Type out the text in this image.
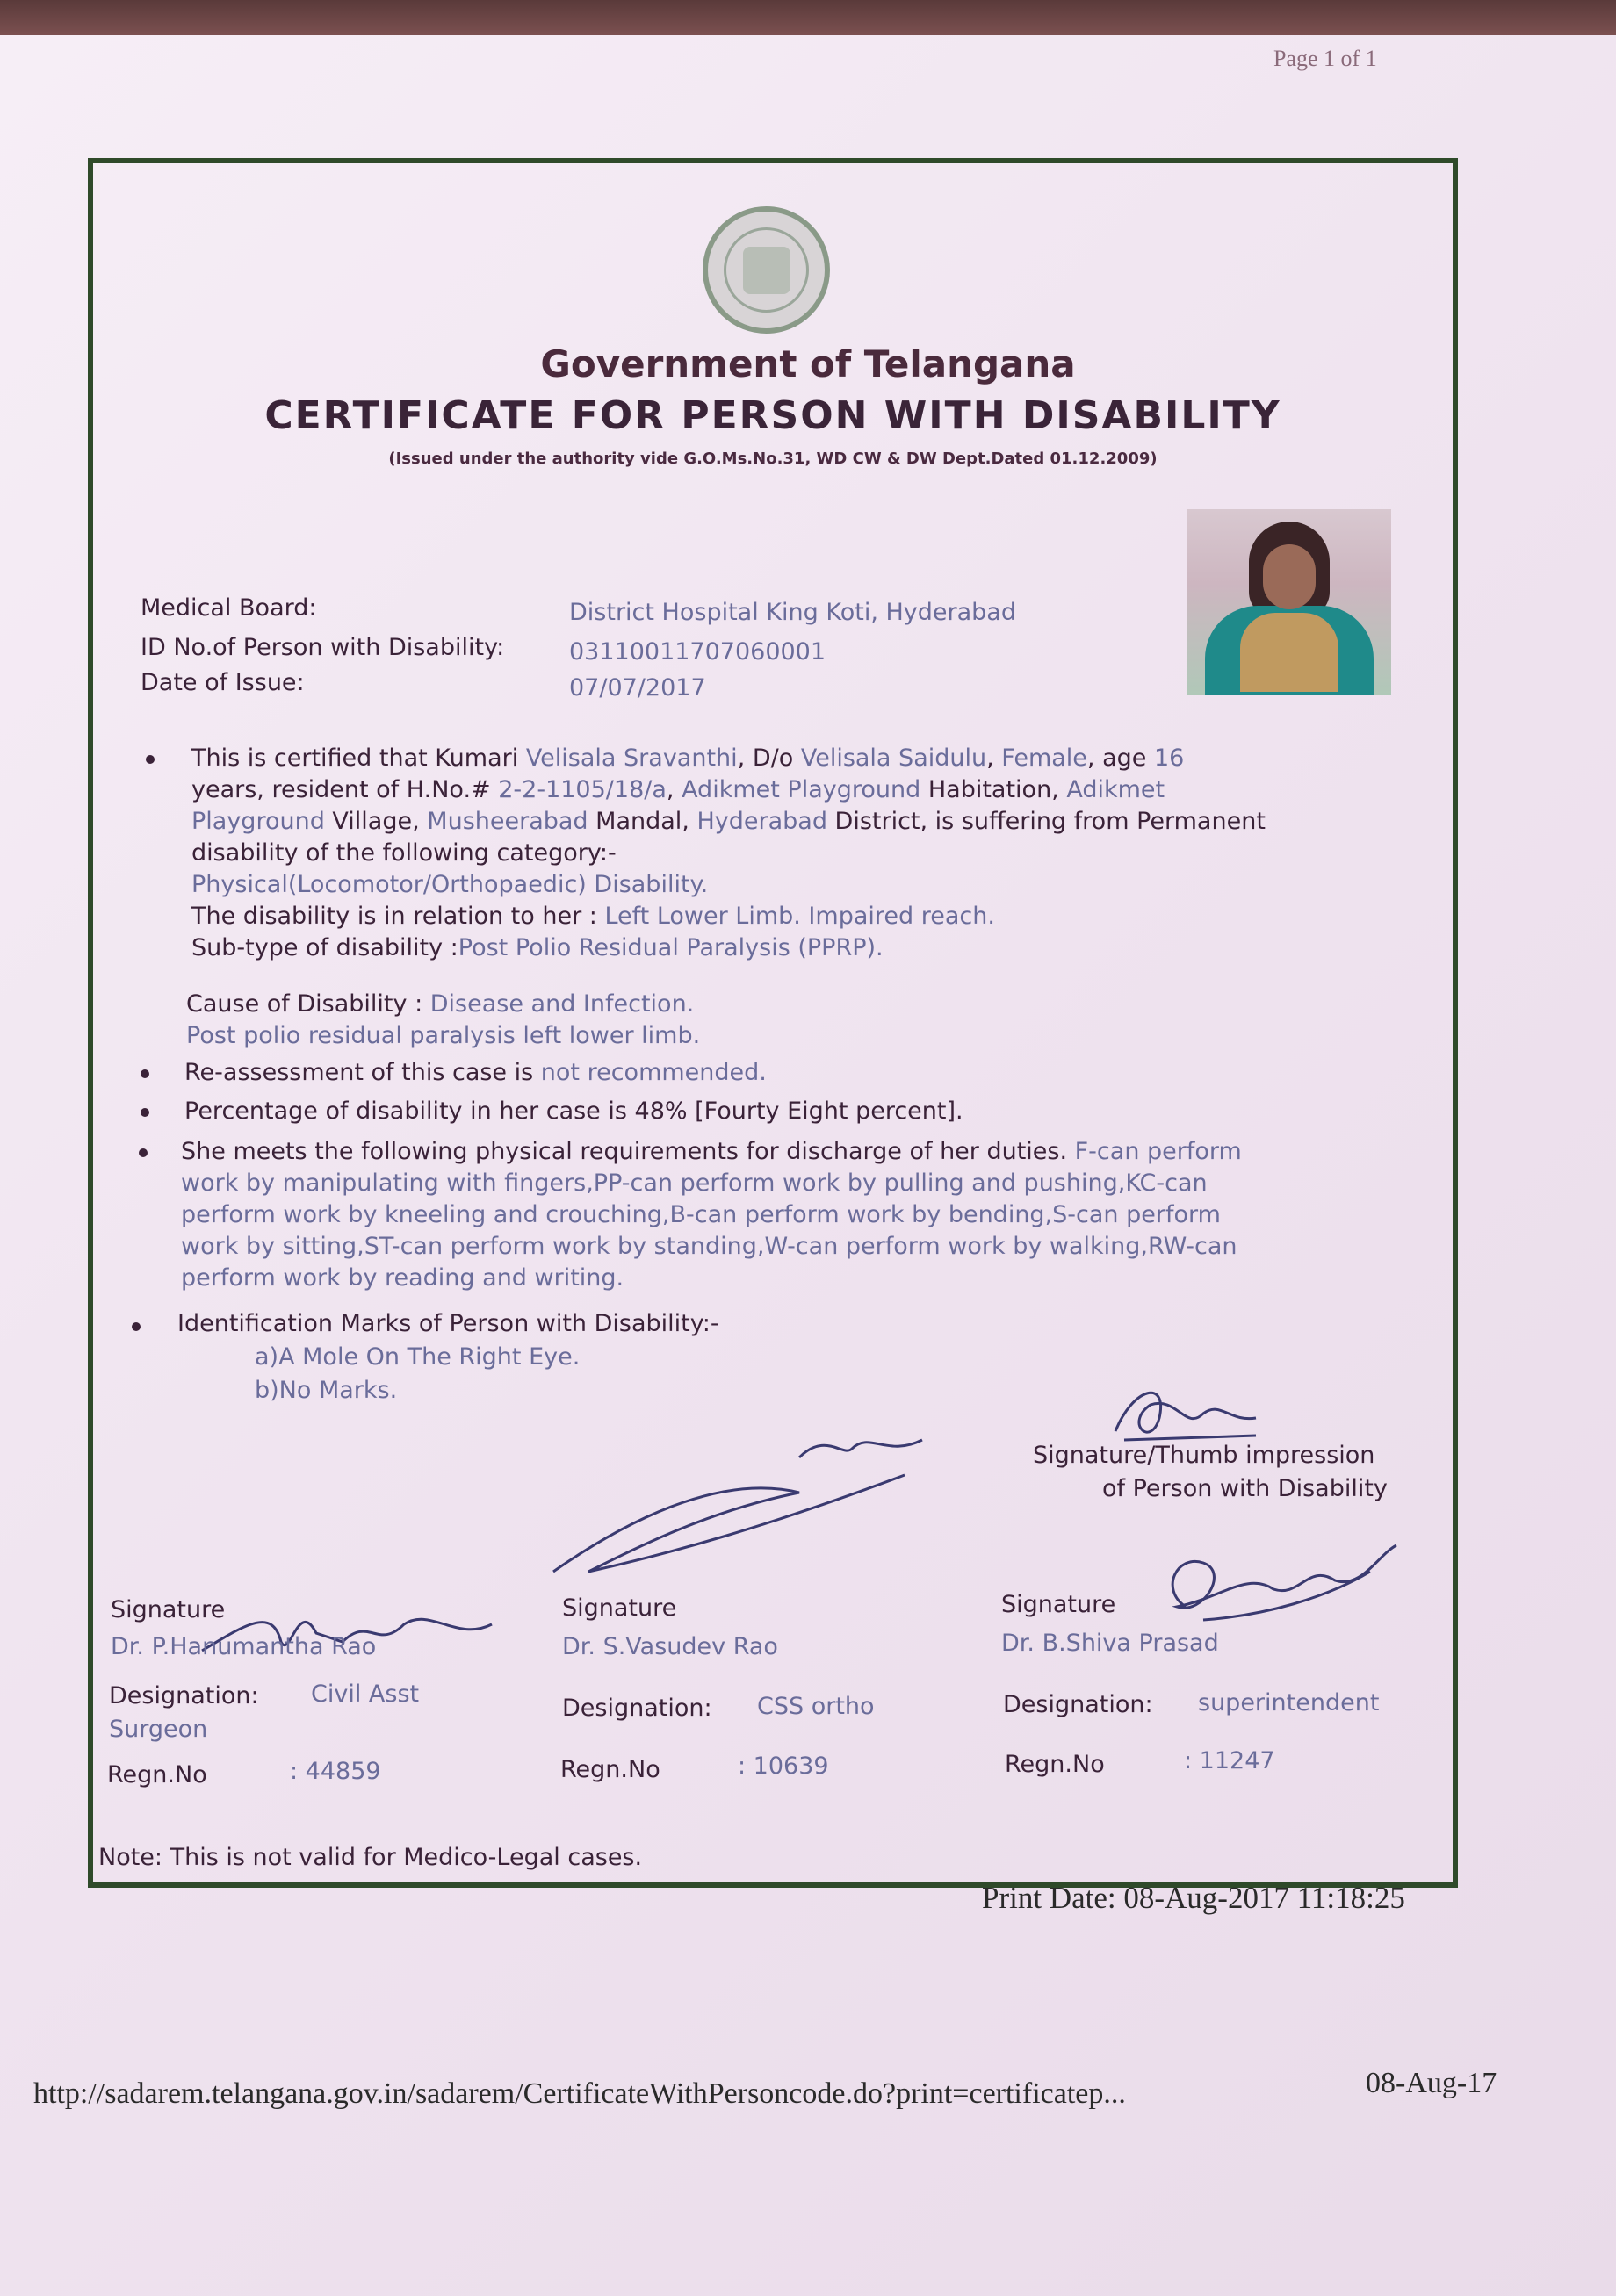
Page 1 of 1
Government of Telangana
CERTIFICATE FOR PERSON WITH DISABILITY
(Issued under the authority vide G.O.Ms.No.31, WD CW & DW Dept.Dated 01.12.2009)
Medical Board:	District Hospital King Koti, Hyderabad
ID No.of Person with Disability:	03110011707060001
Date of Issue:	07/07/2017
This is certified that Kumari Velisala Sravanthi, D/o Velisala Saidulu, Female, age 16
years, resident of H.No.# 2-2-1105/18/a, Adikmet Playground Habitation, Adikmet
Playground Village, Musheerabad Mandal, Hyderabad District, is suffering from Permanent
disability of the following category:-
Physical(Locomotor/Orthopaedic) Disability.
The disability is in relation to her : Left Lower Limb. Impaired reach.
Sub-type of disability :Post Polio Residual Paralysis (PPRP).
Cause of Disability : Disease and Infection.
Post polio residual paralysis left lower limb.
Re-assessment of this case is not recommended.
Percentage of disability in her case is 48% [Fourty Eight percent].
She meets the following physical requirements for discharge of her duties. F-can perform
work by manipulating with fingers,PP-can perform work by pulling and pushing,KC-can
perform work by kneeling and crouching,B-can perform work by bending,S-can perform
work by sitting,ST-can perform work by standing,W-can perform work by walking,RW-can
perform work by reading and writing.
Identification Marks of Person with Disability:-
a)A Mole On The Right Eye.
b)No Marks.
Signature/Thumb impression
of Person with Disability
Signature
Dr. P.Hanumantha Rao
Designation: Civil Asst
Surgeon
Regn.No	: 44859
Signature
Dr. S.Vasudev Rao
Designation: CSS ortho
Regn.No	: 10639
Signature
Dr. B.Shiva Prasad
Designation: superintendent
Regn.No	: 11247
Note: This is not valid for Medico-Legal cases.
Print Date: 08-Aug-2017 11:18:25
http://sadarem.telangana.gov.in/sadarem/CertificateWithPersoncode.do?print=certificatep...	08-Aug-17
